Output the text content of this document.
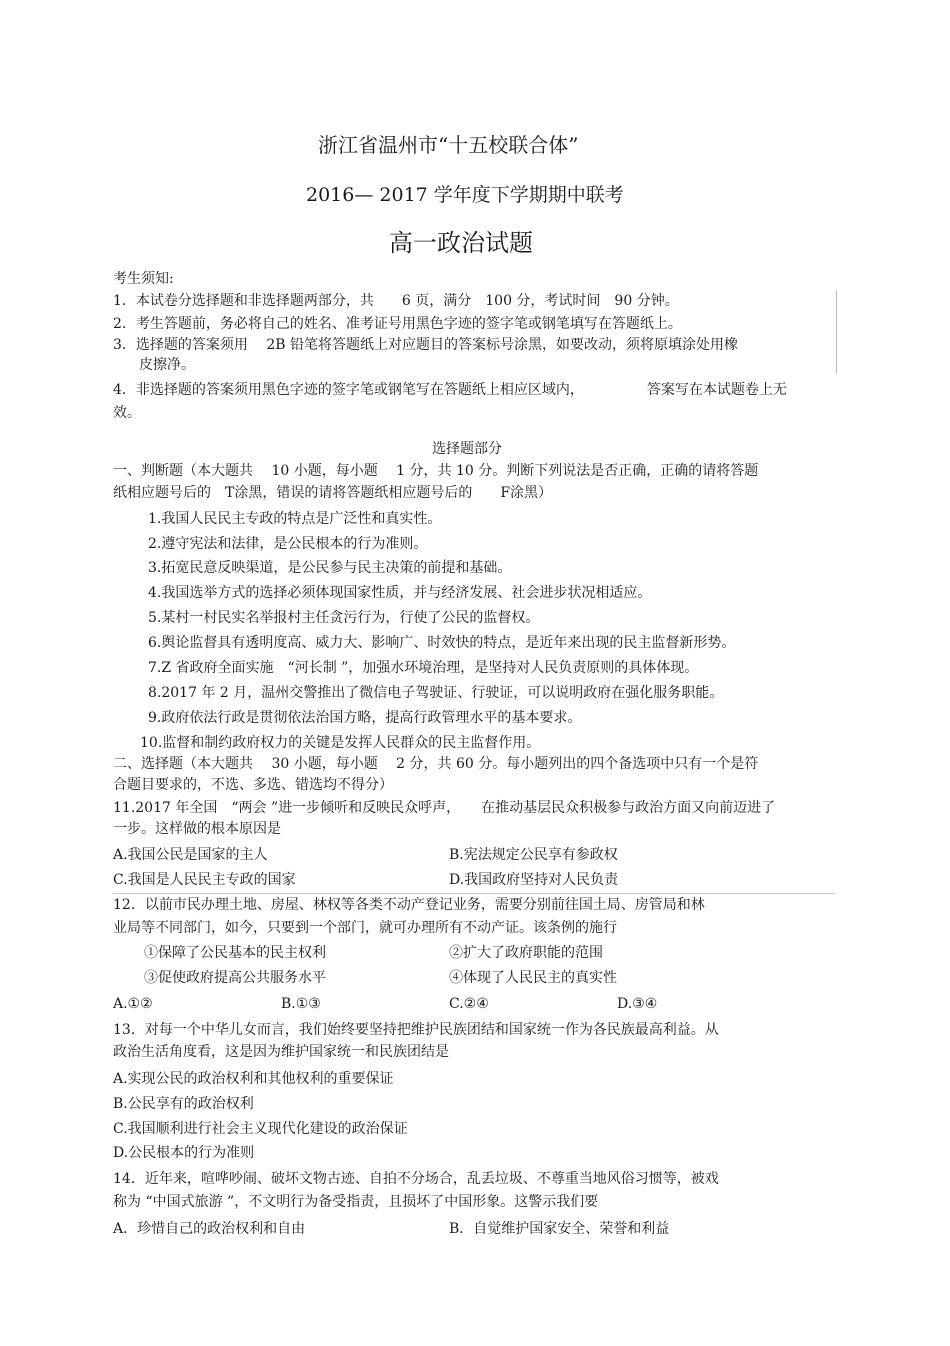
浙江省温州市“十五校联合体”
2016— 2017 学年度下学期期中联考
高一政治试题
考生须知:
1．本试卷分选择题和非选择题两部分，共　　6 页，满分　100 分，考试时间　90 分钟。
2．考生答题前，务必将自己的姓名、准考证号用黑色字迹的签字笔或钢笔填写在答题纸上。
3．选择题的答案须用　 2B 铅笔将答题纸上对应题目的答案标号涂黑，如要改动，须将原填涂处用橡
皮擦净。
4．非选择题的答案须用黑色字迹的签字笔或钢笔写在答题纸上相应区域内，　　　　　答案写在本试题卷上无
效。
选择题部分
一、判断题（本大题共　 10 小题，每小题　 1 分，共 10 分。判断下列说法是否正确，正确的请将答题
纸相应题号后的　T涂黑，错误的请将答题纸相应题号后的　　F涂黑）
1.我国人民民主专政的特点是广泛性和真实性。
2.遵守宪法和法律，是公民根本的行为准则。
3.拓宽民意反映渠道，是公民参与民主决策的前提和基础。
4.我国选举方式的选择必须体现国家性质，并与经济发展、社会进步状况相适应。
5.某村一村民实名举报村主任贪污行为，行使了公民的监督权。
6.舆论监督具有透明度高、威力大、影响广、时效快的特点，是近年来出现的民主监督新形势。
7.Z 省政府全面实施　“河长制 ”，加强水环境治理，是坚持对人民负责原则的具体体现。
8.2017 年 2 月，温州交警推出了微信电子驾驶证、行驶证，可以说明政府在强化服务职能。
9.政府依法行政是贯彻依法治国方略，提高行政管理水平的基本要求。
10.监督和制约政府权力的关键是发挥人民群众的民主监督作用。
二、选择题（本大题共　 30 小题，每小题　 2 分，共 60 分。每小题列出的四个备选项中只有一个是符
合题目要求的，不选、多选、错选均不得分）
11.2017 年全国　“两会 ”进一步倾听和反映民众呼声，　　在推动基层民众积极参与政治方面又向前迈进了
一步。这样做的根本原因是
A.我国公民是国家的主人	B.宪法规定公民享有参政权
C.我国是人民民主专政的国家	D.我国政府坚持对人民负责
12．以前市民办理土地、房屋、林权等各类不动产登记业务，需要分别前往国土局、房管局和林
业局等不同部门，如今，只要到一个部门，就可办理所有不动产证。该条例的施行
①保障了公民基本的民主权利	②扩大了政府职能的范围
③促使政府提高公共服务水平	④体现了人民民主的真实性
A.①②	B.①③	C.②④	D.③④
13．对每一个中华儿女而言，我们始终要坚持把维护民族团结和国家统一作为各民族最高利益。从
政治生活角度看，这是因为维护国家统一和民族团结是
A.实现公民的政治权利和其他权利的重要保证
B.公民享有的政治权利
C.我国顺利进行社会主义现代化建设的政治保证
D.公民根本的行为准则
14．近年来，喧哗吵闹、破坏文物古迹、自拍不分场合，乱丢垃圾、不尊重当地风俗习惯等，被戏
称为 “中国式旅游 ”，不文明行为备受指责，且损坏了中国形象。这警示我们要
A．珍惜自己的政治权利和自由	B．自觉维护国家安全、荣誉和利益
